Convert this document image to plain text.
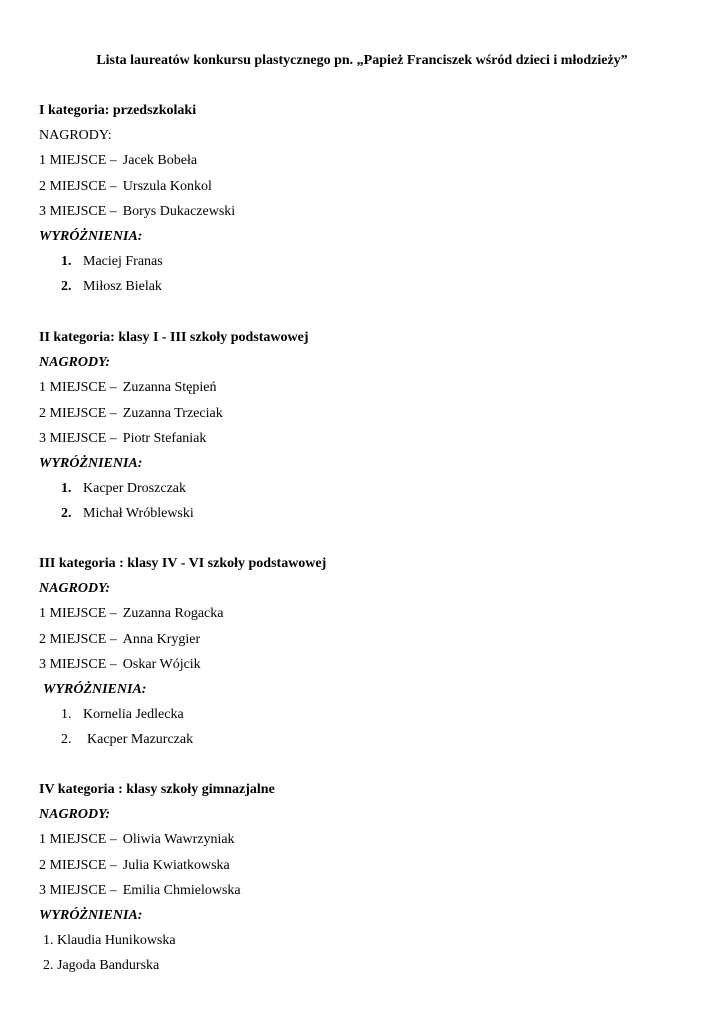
Lista laureatów konkursu plastycznego pn. „Papież Franciszek wśród dzieci i młodzieży”
I kategoria: przedszkolaki
NAGRODY:
1 MIEJSCE – Jacek Bobeła
2 MIEJSCE – Urszula Konkol
3 MIEJSCE – Borys Dukaczewski
WYRÓŻNIENIA:
1. Maciej Franas
2. Miłosz Bielak
II kategoria: klasy I - III szkoły podstawowej
NAGRODY:
1 MIEJSCE – Zuzanna Stępień
2 MIEJSCE – Zuzanna Trzeciak
3 MIEJSCE – Piotr Stefaniak
WYRÓŻNIENIA:
1. Kacper Droszczak
2. Michał Wróblewski
III kategoria : klasy IV - VI szkoły podstawowej
NAGRODY:
1 MIEJSCE – Zuzanna Rogacka
2 MIEJSCE – Anna Krygier
3 MIEJSCE – Oskar Wójcik
WYRÓŻNIENIA:
1. Kornelia Jedlecka
2. Kacper Mazurczak
IV kategoria : klasy szkoły gimnazjalne
NAGRODY:
1 MIEJSCE – Oliwia Wawrzyniak
2 MIEJSCE – Julia Kwiatkowska
3 MIEJSCE – Emilia Chmielowska
WYRÓŻNIENIA:
1. Klaudia Hunikowska
2. Jagoda Bandurska
